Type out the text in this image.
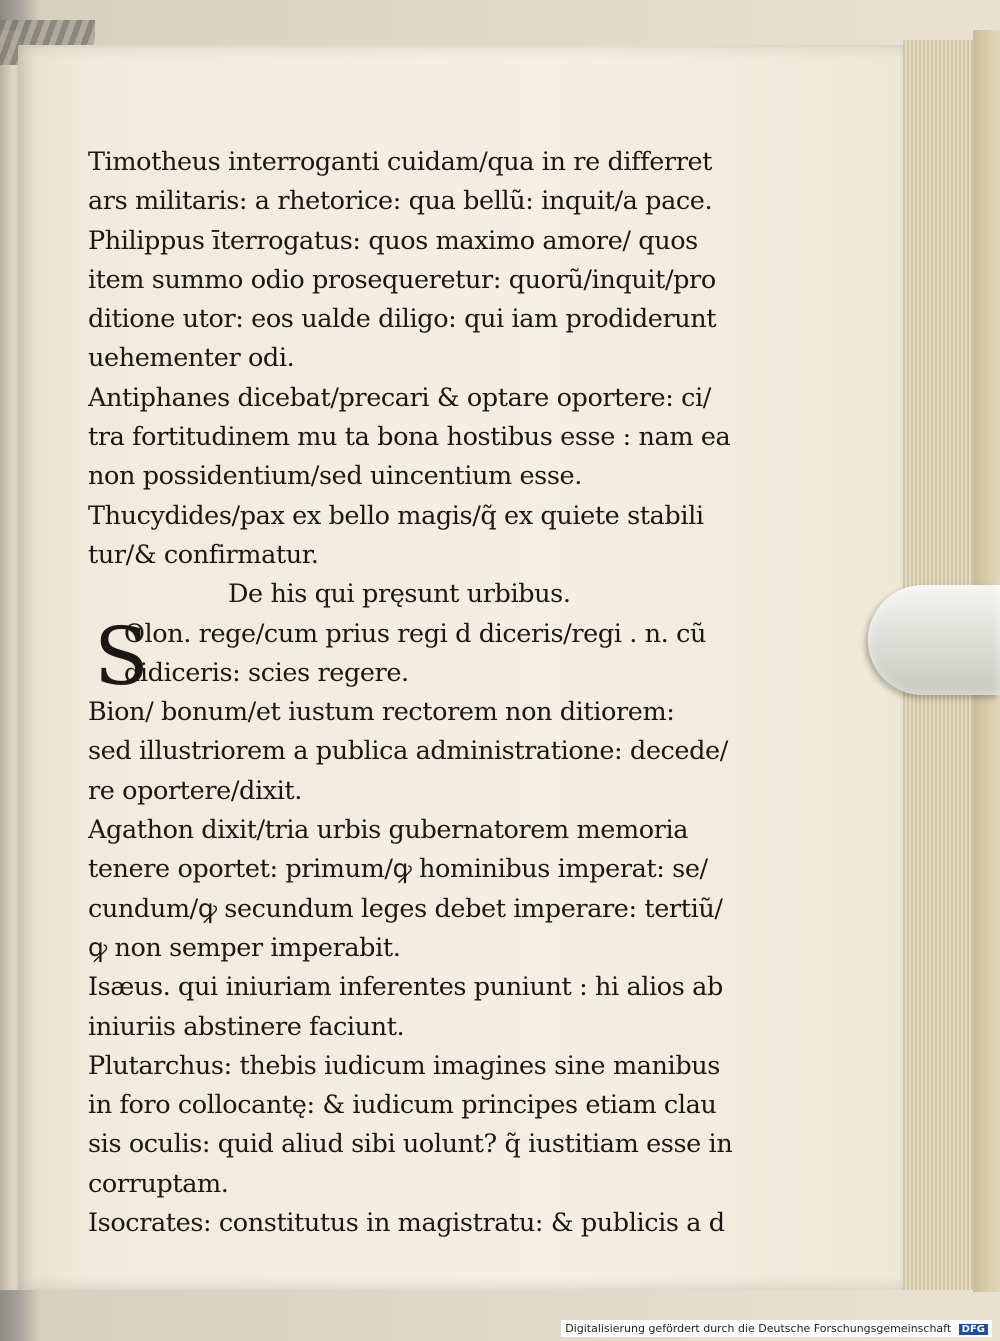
Timotheus interroganti cuidam/qua in re differret
ars militaris: a rhetorice: qua bellũ: inquit/a pace.
Philippus īterrogatus: quos maximo amore/ quos
item summo odio prosequeretur: quorũ/inquit/pro
ditione utor: eos ualde diligo: qui iam prodiderunt
uehementer odi.
Antiphanes dicebat/precari & optare oportere: ci/
tra fortitudinem mu ta bona hostibus esse : nam ea
non possidentium/sed uincentium esse.
Thucydides/pax ex bello magis/q̃ ex quiete stabili
tur/& confirmatur.
De his qui pręsunt urbibus.
S
Olon. rege/cum prius regi d diceris/regi . n. cũ
didiceris: scies regere.
Bion/ bonum/et iustum rectorem non ditiorem:
sed illustriorem a publica administratione: decede/
re oportere/dixit.
Agathon dixit/tria urbis gubernatorem memoria
tenere oportet: primum/ꝙ hominibus imperat: se/
cundum/ꝙ secundum leges debet imperare: tertiũ/
ꝙ non semper imperabit.
Isæus. qui iniuriam inferentes puniunt : hi alios ab
iniuriis abstinere faciunt.
Plutarchus: thebis iudicum imagines sine manibus
in foro collocantę: & iudicum principes etiam clau
sis oculis: quid aliud sibi uolunt? q̃ iustitiam esse in
corruptam.
Isocrates: constitutus in magistratu: & publicis a d
Digitalisierung gefördert durch die Deutsche Forschungsgemeinschaft DFG
